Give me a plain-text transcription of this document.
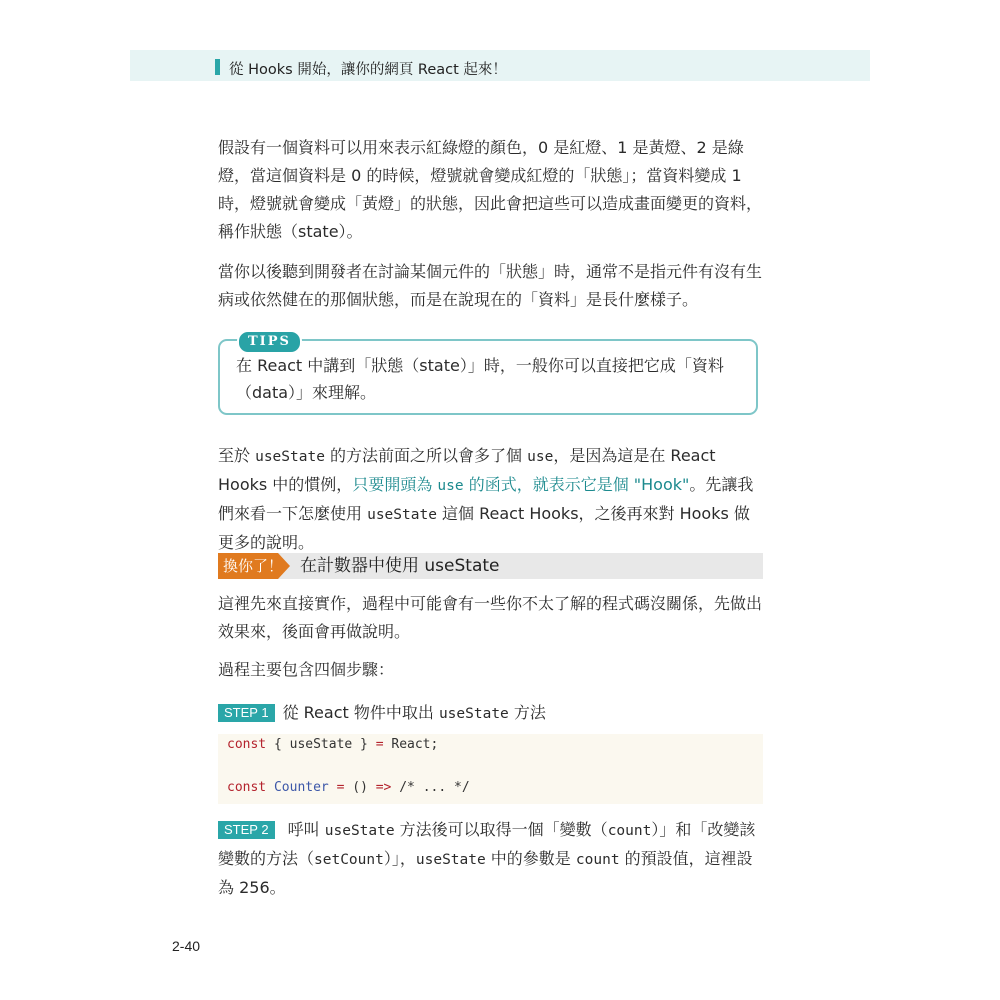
從 Hooks 開始，讓你的網頁 React 起來！

假設有一個資料可以用來表示紅綠燈的顏色，0 是紅燈、1 是黃燈、2 是綠燈，當這個資料是 0 的時候，燈號就會變成紅燈的「狀態」；當資料變成 1 時，燈號就會變成「黃燈」的狀態，因此會把這些可以造成畫面變更的資料，稱作狀態（state）。

當你以後聽到開發者在討論某個元件的「狀態」時，通常不是指元件有沒有生病或依然健在的那個狀態，而是在說現在的「資料」是長什麼樣子。

TIPS

在 React 中講到「狀態（state）」時，一般你可以直接把它成「資料（data）」來理解。

至於 useState 的方法前面之所以會多了個 use，是因為這是在 React Hooks 中的慣例，只要開頭為 use 的函式，就表示它是個 "Hook"。先讓我們來看一下怎麼使用 useState 這個 React Hooks，之後再來對 Hooks 做更多的說明。

換你了！ 在計數器中使用 useState

這裡先來直接實作，過程中可能會有一些你不太了解的程式碼沒關係，先做出效果來，後面會再做說明。

過程主要包含四個步驟：

STEP 1 從 React 物件中取出 useState 方法
const { useState } = React;
const Counter = () => /* ... */

STEP 2 呼叫 useState 方法後可以取得一個「變數（count）」和「改變該變數的方法（setCount）」，useState 中的參數是 count 的預設值，這裡設為 256。

2-40
